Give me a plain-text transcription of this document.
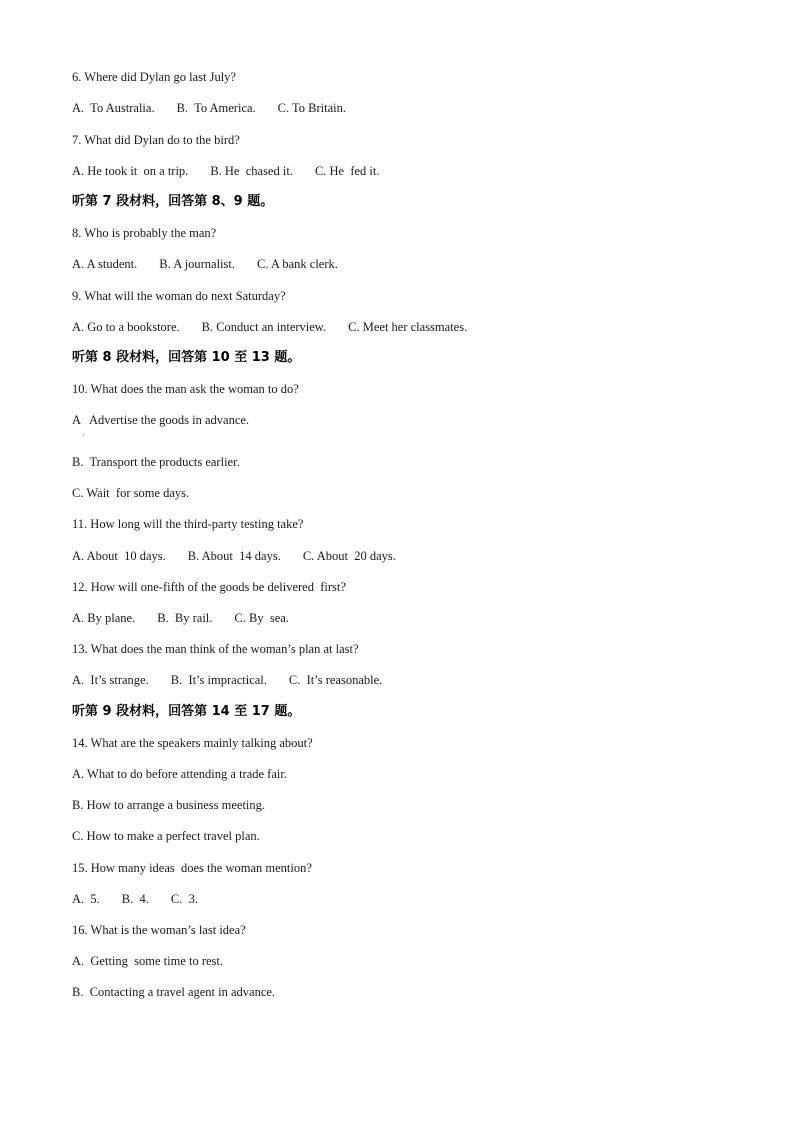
·
6. Where did Dylan go last July?
A.  To Australia. B.  To America. C. To Britain.
7. What did Dylan do to the bird?
A. He took it  on a trip. B. He  chased it. C. He  fed it.
听第 7 段材料，回答第 8、9 题。
8. Who is probably the man?
A. A student. B. A journalist. C. A bank clerk.
9. What will the woman do next Saturday?
A. Go to a bookstore. B. Conduct an interview. C. Meet her classmates.
听第 8 段材料，回答第 10 至 13 题。
10. What does the man ask the woman to do?
A   Advertise the goods in advance.
B.  Transport the products earlier.
C. Wait  for some days.
11. How long will the third-party testing take?
A. About  10 days. B. About  14 days. C. About  20 days.
12. How will one-fifth of the goods be delivered  first?
A. By plane. B.  By rail. C. By  sea.
13. What does the man think of the woman’s plan at last?
A.  It’s strange. B.  It’s impractical. C.  It’s reasonable.
听第 9 段材料，回答第 14 至 17 题。
14. What are the speakers mainly talking about?
A. What to do before attending a trade fair.
B. How to arrange a business meeting.
C. How to make a perfect travel plan.
15. How many ideas  does the woman mention?
A.  5. B.  4. C.  3.
16. What is the woman’s last idea?
A.  Getting  some time to rest.
B.  Contacting a travel agent in advance.
